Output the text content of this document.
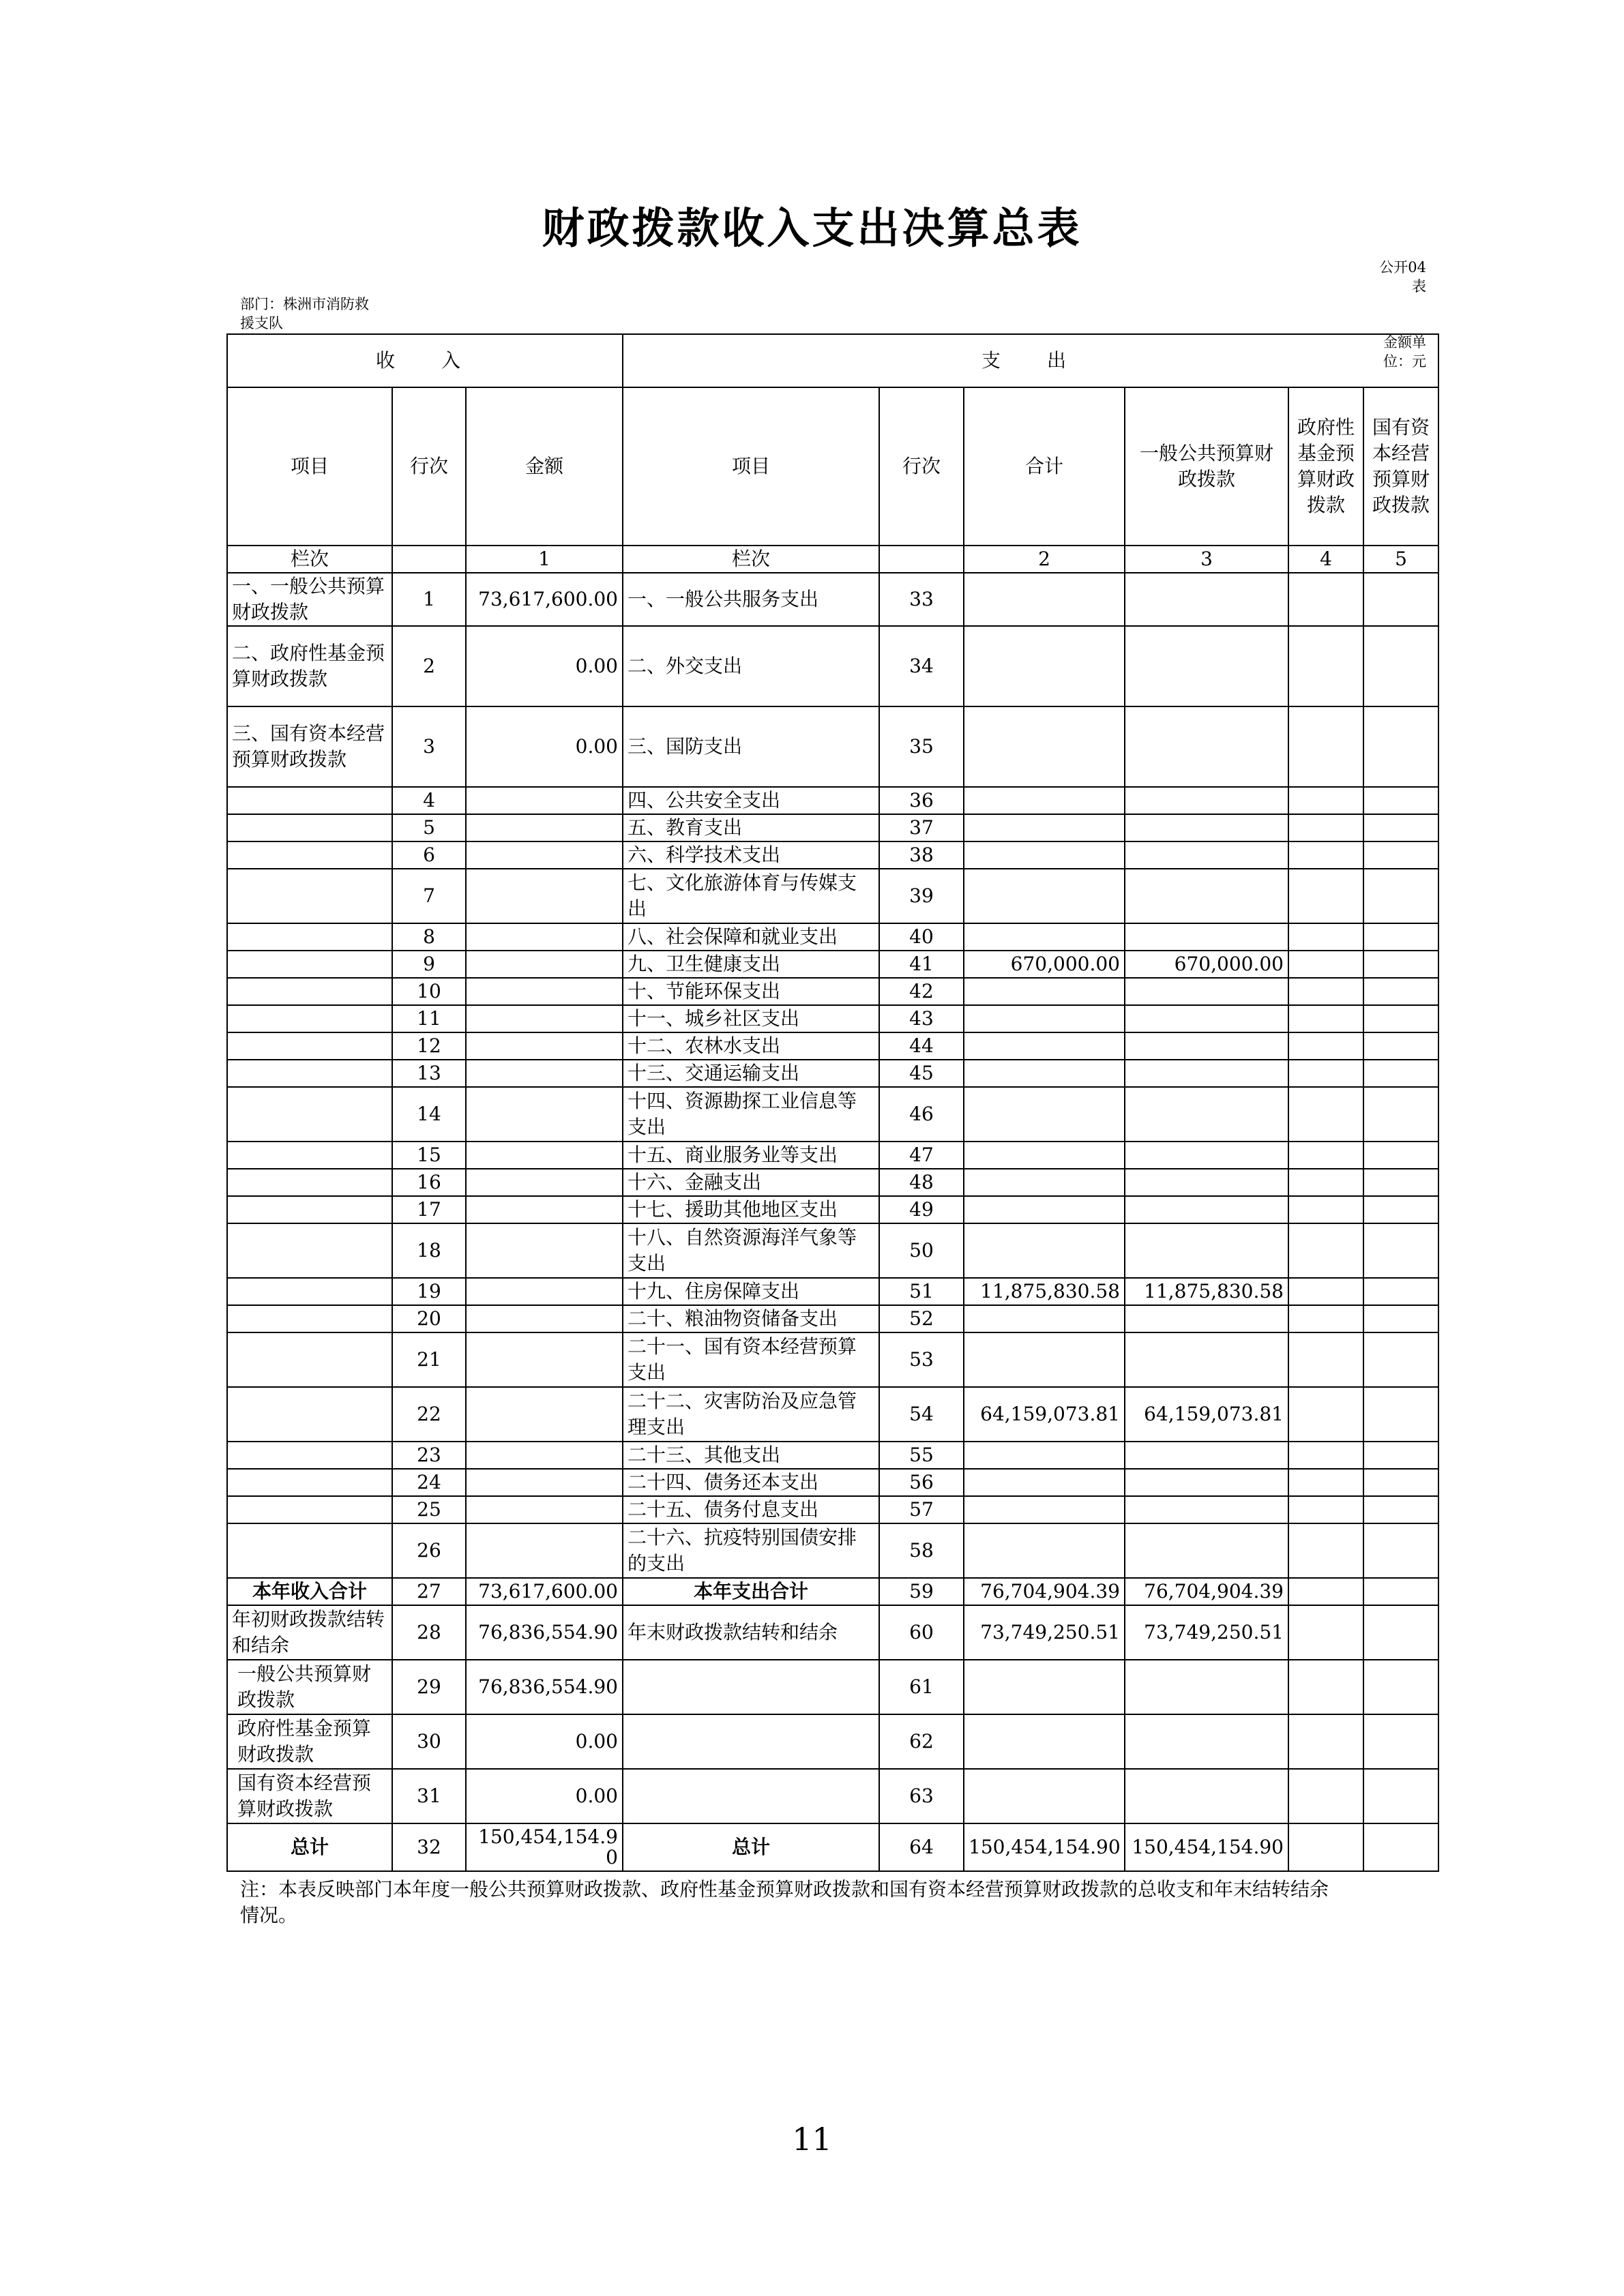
财政拨款收入支出决算总表
部门：株洲市消防救
援支队
公开04
表
金额单
位：元
收　入			支　出					
项目	行次	金额	项目	行次	合计	一般公共预算财政拨款	政府性基金预算财政拨款	国有资本经营预算财政拨款
栏次		1	栏次		2	3	4	5
一、一般公共预算财政拨款	1	73,617,600.00	一、一般公共服务支出	33				
二、政府性基金预算财政拨款	2	0.00	二、外交支出	34				
三、国有资本经营预算财政拨款	3	0.00	三、国防支出	35				
	4		四、公共安全支出	36				
	5		五、教育支出	37				
	6		六、科学技术支出	38				
	7		七、文化旅游体育与传媒支出	39				
	8		八、社会保障和就业支出	40				
	9		九、卫生健康支出	41	670,000.00	670,000.00		
	10		十、节能环保支出	42				
	11		十一、城乡社区支出	43				
	12		十二、农林水支出	44				
	13		十三、交通运输支出	45				
	14		十四、资源勘探工业信息等支出	46				
	15		十五、商业服务业等支出	47				
	16		十六、金融支出	48				
	17		十七、援助其他地区支出	49				
	18		十八、自然资源海洋气象等支出	50				
	19		十九、住房保障支出	51	11,875,830.58	11,875,830.58		
	20		二十、粮油物资储备支出	52				
	21		二十一、国有资本经营预算支出	53				
	22		二十二、灾害防治及应急管理支出	54	64,159,073.81	64,159,073.81		
	23		二十三、其他支出	55				
	24		二十四、债务还本支出	56				
	25		二十五、债务付息支出	57				
	26		二十六、抗疫特别国债安排的支出	58				
本年收入合计	27	73,617,600.00	本年支出合计	59	76,704,904.39	76,704,904.39		
年初财政拨款结转和结余	28	76,836,554.90	年末财政拨款结转和结余	60	73,749,250.51	73,749,250.51		
一般公共预算财政拨款	29	76,836,554.90		61				
政府性基金预算财政拨款	30	0.00		62				
国有资本经营预算财政拨款	31	0.00		63				
总计	32	150,454,154.90	总计	64	150,454,154.90	150,454,154.90		
注：本表反映部门本年度一般公共预算财政拨款、政府性基金预算财政拨款和国有资本经营预算财政拨款的总收支和年末结转结余情况。
11
